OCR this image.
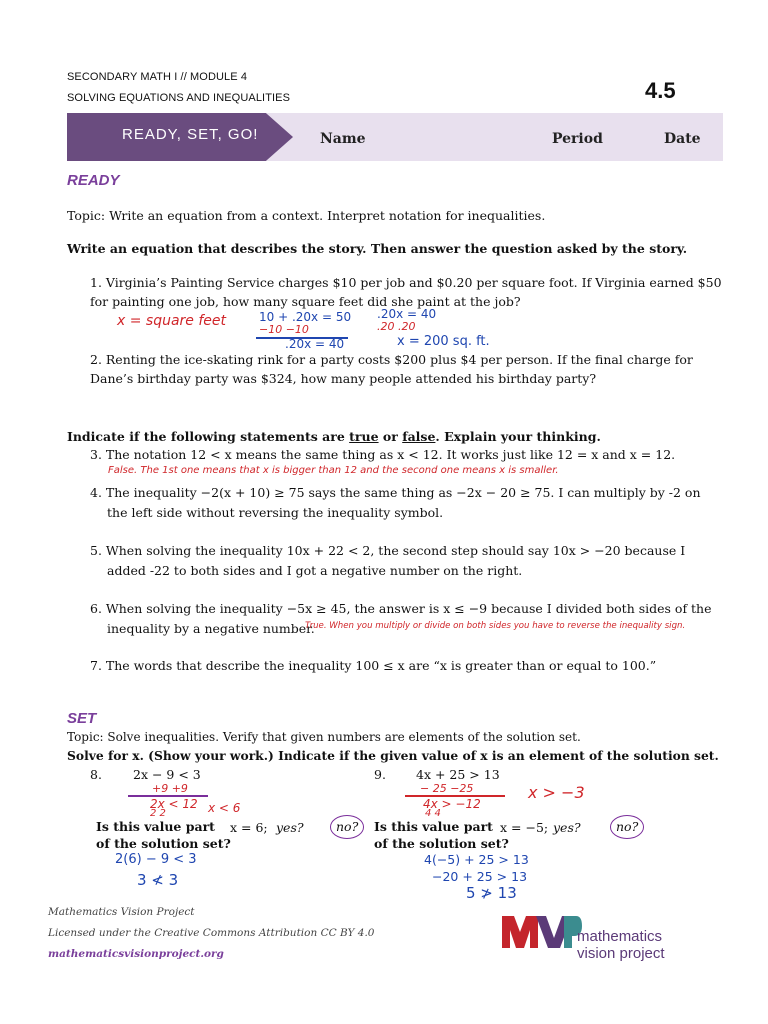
SECONDARY MATH I // MODULE 4
SOLVING EQUATIONS AND INEQUALITIES	4.5
READY, SET, GO!	Name	Period	Date
READY
Topic: Write an equation from a context. Interpret notation for inequalities.
Write an equation that describes the story. Then answer the question asked by the story.
1. Virginia’s Painting Service charges $10 per job and $0.20 per square foot. If Virginia earned $50
for painting one job, how many square feet did she paint at the job?
x = square feet	10 + .20x = 50
−10 −10
.20x = 40
.20x = 40
.20 .20
x = 200 sq. ft.
2. Renting the ice-skating rink for a party costs $200 plus $4 per person. If the final charge for
Dane’s birthday party was $324, how many people attended his birthday party?
Indicate if the following statements are true or false. Explain your thinking.
3. The notation 12 < x means the same thing as x < 12. It works just like 12 = x and x = 12.
False. The 1st one means that x is bigger than 12 and the second one means x is smaller.
4. The inequality −2(x + 10) ≥ 75 says the same thing as −2x − 20 ≥ 75. I can multiply by -2 on
the left side without reversing the inequality symbol.
5. When solving the inequality 10x + 22 < 2, the second step should say 10x > −20 because I
added -22 to both sides and I got a negative number on the right.
6. When solving the inequality −5x ≥ 45, the answer is x ≤ −9 because I divided both sides of the
inequality by a negative number.
True. When you multiply or divide on both sides you have to reverse the inequality sign.
7. The words that describe the inequality 100 ≤ x are “x is greater than or equal to 100.”
SET
Topic: Solve inequalities. Verify that given numbers are elements of the solution set.
Solve for x. (Show your work.) Indicate if the given value of x is an element of the solution set.
8. 2x − 9 < 3
+9 +9
2x < 12
2 2	x < 6
Is this value part
of the solution set?
x = 6; yes?	no?
2(6) − 9 < 3
3 ≮ 3
9. 4x + 25 > 13
− 25 −25
4x > −12
4 4
x > −3
Is this value part
of the solution set?
x = −5; yes?	no?
4(−5) + 25 > 13
−20 + 25 > 13
5 ≯ 13
Mathematics Vision Project
Licensed under the Creative Commons Attribution CC BY 4.0
mathematicsvisionproject.org
mathematics
vision project
